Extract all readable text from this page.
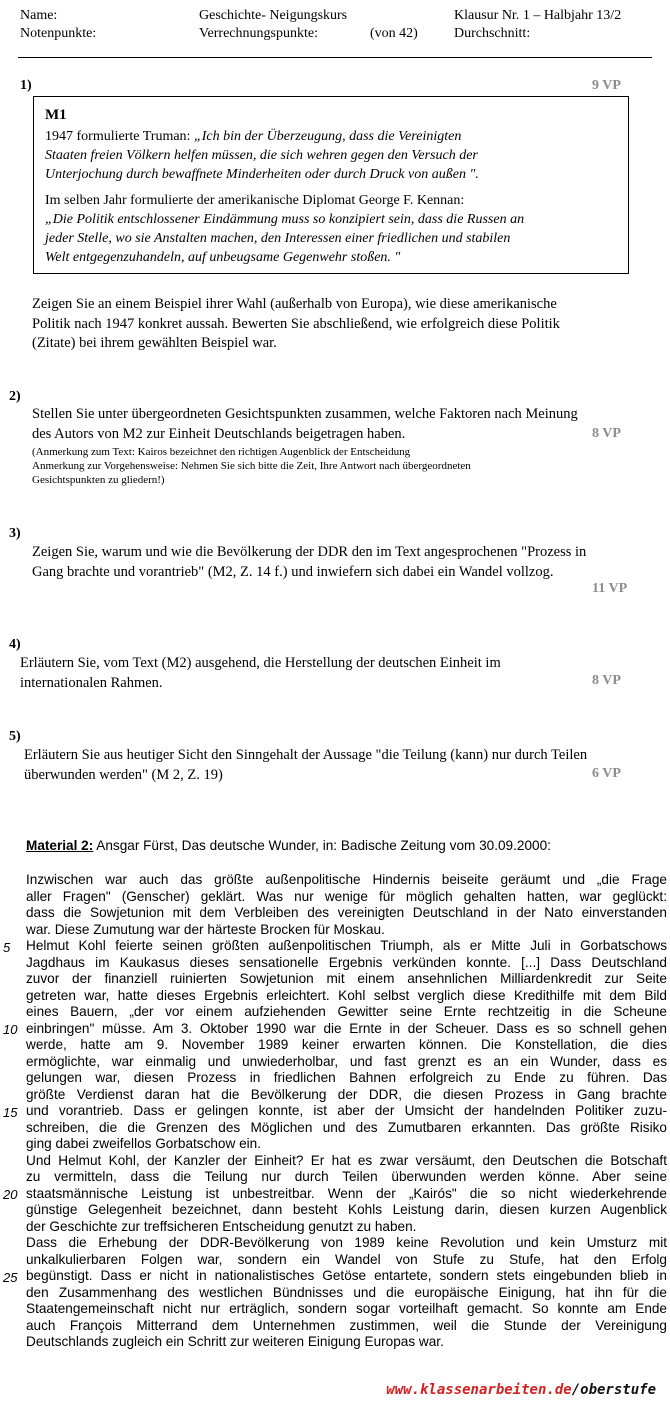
Name:	Geschichte- Neigungskurs	Klausur Nr. 1 – Halbjahr 13/2
Notenpunkte:	Verrechnungspunkte:	(von 42)	Durchschnitt:
1)	9 VP
M1
1947 formulierte Truman: „Ich bin der Überzeugung, dass die Vereinigten
Staaten freien Völkern helfen müssen, die sich wehren gegen den Versuch der
Unterjochung durch bewaffnete Minderheiten oder durch Druck von außen ".
Im selben Jahr formulierte der amerikanische Diplomat George F. Kennan:
„Die Politik entschlossener Eindämmung muss so konzipiert sein, dass die Russen an
jeder Stelle, wo sie Anstalten machen, den Interessen einer friedlichen und stabilen
Welt entgegenzuhandeln, auf unbeugsame Gegenwehr stoßen. "
Zeigen Sie an einem Beispiel ihrer Wahl (außerhalb von Europa), wie diese amerikanische
Politik nach 1947 konkret aussah. Bewerten Sie abschließend, wie erfolgreich diese Politik
(Zitate) bei ihrem gewählten Beispiel war.
2)
Stellen Sie unter übergeordneten Gesichtspunkten zusammen, welche Faktoren nach Meinung
des Autors von M2 zur Einheit Deutschlands beigetragen haben.	8 VP
(Anmerkung zum Text: Kairos bezeichnet den richtigen Augenblick der Entscheidung
Anmerkung zur Vorgehensweise: Nehmen Sie sich bitte die Zeit, Ihre Antwort nach übergeordneten
Gesichtspunkten zu gliedern!)
3)
Zeigen Sie, warum und wie die Bevölkerung der DDR den im Text angesprochenen "Prozess in
Gang brachte und vorantrieb" (M2, Z. 14 f.) und inwiefern sich dabei ein Wandel vollzog.
11 VP
4)
Erläutern Sie, vom Text (M2) ausgehend, die Herstellung der deutschen Einheit im
internationalen Rahmen.	8 VP
5)
Erläutern Sie aus heutiger Sicht den Sinngehalt der Aussage "die Teilung (kann) nur durch Teilen
überwunden werden" (M 2, Z. 19)	6 VP
Material 2: Ansgar Fürst, Das deutsche Wunder, in: Badische Zeitung vom 30.09.2000:
Inzwischen war auch das größte außenpolitische Hindernis beiseite geräumt und „die Frage
aller Fragen" (Genscher) geklärt. Was nur wenige für möglich gehalten hatten, war geglückt:
dass die Sowjetunion mit dem Verbleiben des vereinigten Deutschland in der Nato einverstanden
war. Diese Zumutung war der härteste Brocken für Moskau.
Helmut Kohl feierte seinen größten außenpolitischen Triumph, als er Mitte Juli in Gorbatschows
Jagdhaus im Kaukasus dieses sensationelle Ergebnis verkünden konnte. [...] Dass Deutschland
zuvor der finanziell ruinierten Sowjetunion mit einem ansehnlichen Milliardenkredit zur Seite
getreten war, hatte dieses Ergebnis erleichtert. Kohl selbst verglich diese Kredithilfe mit dem Bild
eines Bauern, „der vor einem aufziehenden Gewitter seine Ernte rechtzeitig in die Scheune
einbringen" müsse. Am 3. Oktober 1990 war die Ernte in der Scheuer. Dass es so schnell gehen
werde, hatte am 9. November 1989 keiner erwarten können. Die Konstellation, die dies
ermöglichte, war einmalig und unwiederholbar, und fast grenzt es an ein Wunder, dass es
gelungen war, diesen Prozess in friedlichen Bahnen erfolgreich zu Ende zu führen. Das
größte Verdienst daran hat die Bevölkerung der DDR, die diesen Prozess in Gang brachte
und vorantrieb. Dass er gelingen konnte, ist aber der Umsicht der handelnden Politiker zuzu-
schreiben, die die Grenzen des Möglichen und des Zumutbaren erkannten. Das größte Risiko
ging dabei zweifellos Gorbatschow ein.
Und Helmut Kohl, der Kanzler der Einheit? Er hat es zwar versäumt, den Deutschen die Botschaft
zu vermitteln, dass die Teilung nur durch Teilen überwunden werden könne. Aber seine
staatsmännische Leistung ist unbestreitbar. Wenn der „Kairós" die so nicht wiederkehrende
günstige Gelegenheit bezeichnet, dann besteht Kohls Leistung darin, diesen kurzen Augenblick
der Geschichte zur treffsicheren Entscheidung genutzt zu haben.
Dass die Erhebung der DDR-Bevölkerung von 1989 keine Revolution und kein Umsturz mit
unkalkulierbaren Folgen war, sondern ein Wandel von Stufe zu Stufe, hat den Erfolg
begünstigt. Dass er nicht in nationalistisches Getöse entartete, sondern stets eingebunden blieb in
den Zusammenhang des westlichen Bündnisses und die europäische Einigung, hat ihn für die
Staatengemeinschaft nicht nur erträglich, sondern sogar vorteilhaft gemacht. So konnte am Ende
auch François Mitterrand dem Unternehmen zustimmen, weil die Stunde der Vereinigung
Deutschlands zugleich ein Schritt zur weiteren Einigung Europas war.
5
10
15
20
25
www.klassenarbeiten.de/oberstufe
